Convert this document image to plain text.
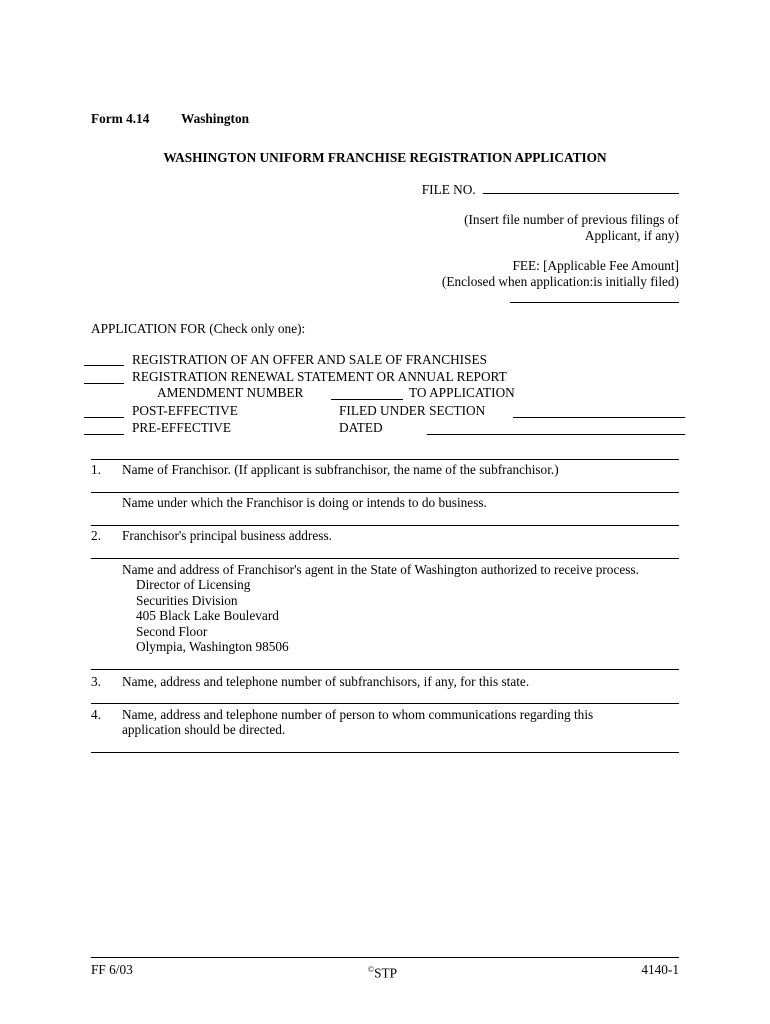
Form 4.14 Washington
WASHINGTON UNIFORM FRANCHISE REGISTRATION APPLICATION
FILE NO.
(Insert file number of previous filings of
Applicant, if any)
FEE: [Applicable Fee Amount]
(Enclosed when application:is initially filed)
APPLICATION FOR (Check only one):
REGISTRATION OF AN OFFER AND SALE OF FRANCHISES
REGISTRATION RENEWAL STATEMENT OR ANNUAL REPORT
AMENDMENT NUMBER	TO APPLICATION
POST-EFFECTIVE	FILED UNDER SECTION
PRE-EFFECTIVE	DATED
1. Name of Franchisor. (If applicant is subfranchisor, the name of the subfranchisor.)
Name under which the Franchisor is doing or intends to do business.
2. Franchisor's principal business address.
Name and address of Franchisor's agent in the State of Washington authorized to receive process.
Director of Licensing
Securities Division
405 Black Lake Boulevard
Second Floor
Olympia, Washington 98506
3. Name, address and telephone number of subfranchisors, if any, for this state.
4. Name, address and telephone number of person to whom communications regarding this
application should be directed.
FF 6/03	©STP	4140-1
